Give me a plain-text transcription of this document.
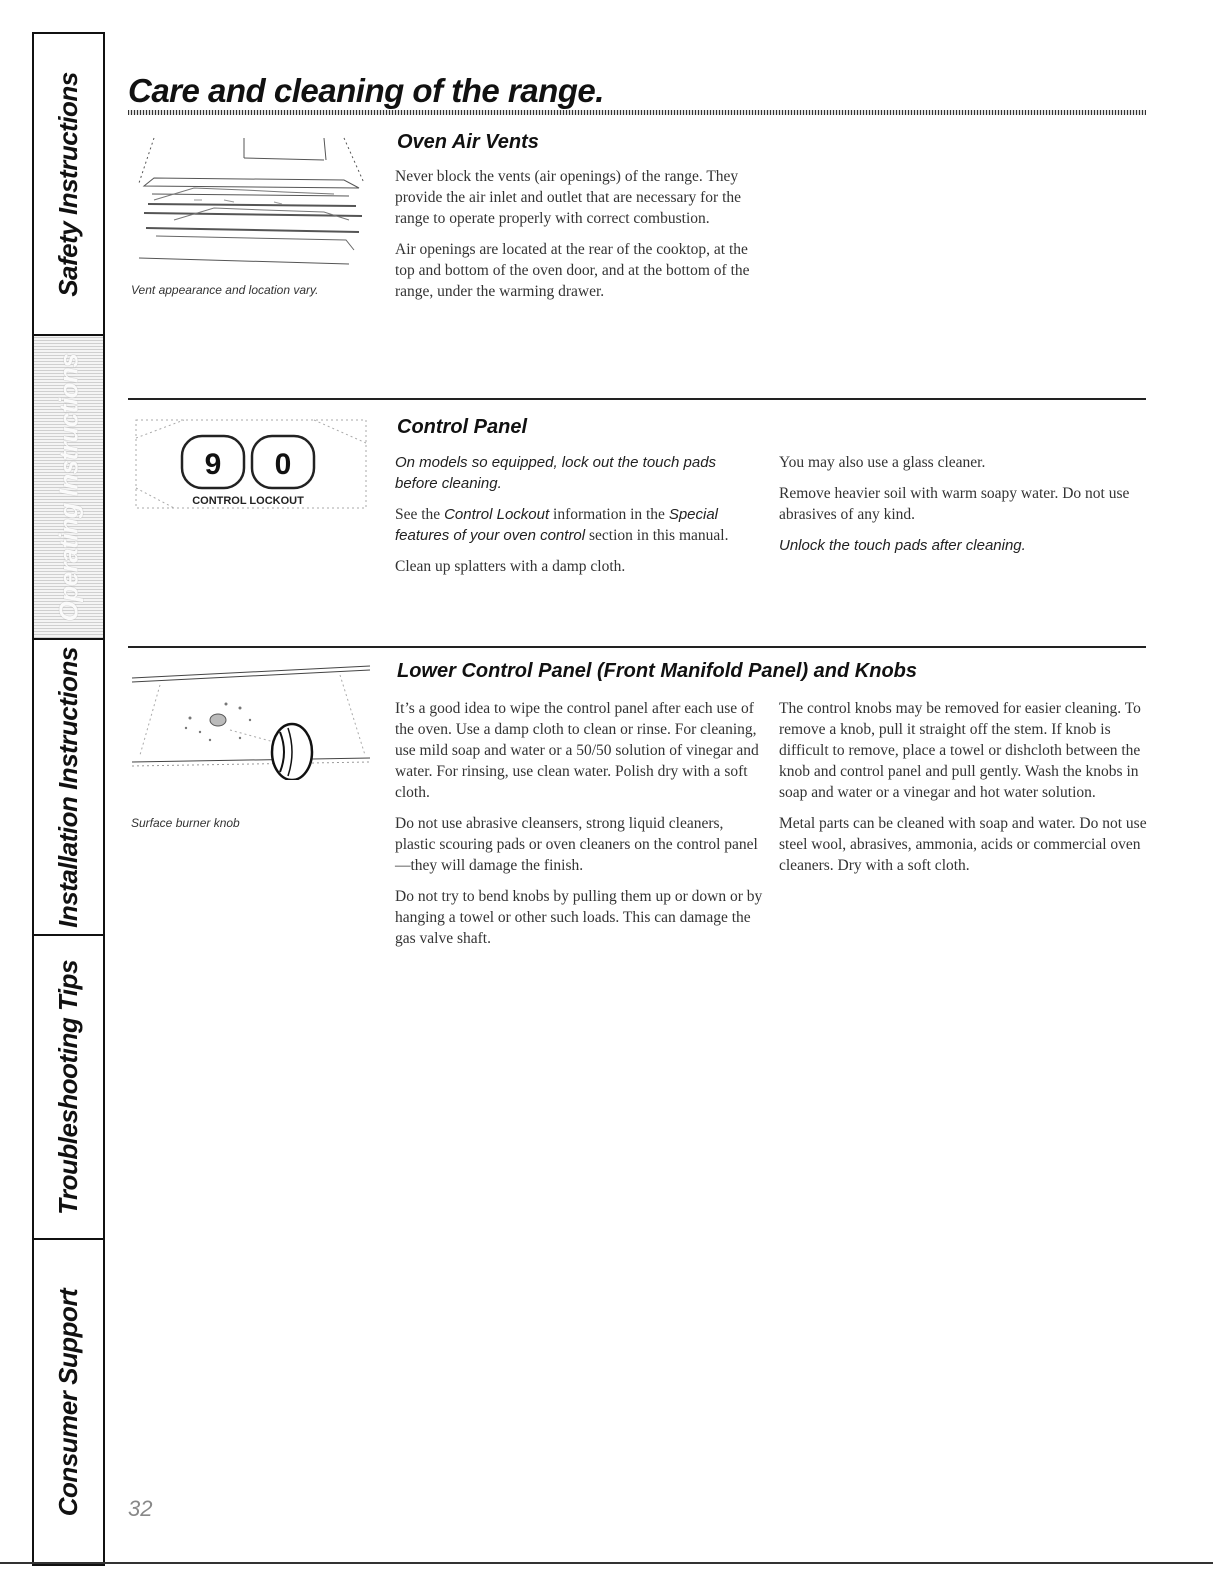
Safety Instructions
Operating Instructions
Installation Instructions
Troubleshooting Tips
Consumer Support
Care and cleaning of the range.
Vent appearance and location vary.
Oven Air Vents

Never block the vents (air openings) of the range. They provide the air inlet and outlet that are necessary for the range to operate properly with correct combustion.

Air openings are located at the rear of the cooktop, at the top and bottom of the oven door, and at the bottom of the range, under the warming drawer.

9 0
CONTROL LOCKOUT
Control Panel

On models so equipped, lock out the touch pads before cleaning.

See the Control Lockout information in the Special features of your oven control section in this manual.

Clean up splatters with a damp cloth.

You may also use a glass cleaner.

Remove heavier soil with warm soapy water. Do not use abrasives of any kind.

Unlock the touch pads after cleaning.

Surface burner knob
Lower Control Panel (Front Manifold Panel) and Knobs

It’s a good idea to wipe the control panel after each use of the oven. Use a damp cloth to clean or rinse. For cleaning, use mild soap and water or a 50/50 solution of vinegar and water. For rinsing, use clean water. Polish dry with a soft cloth.

Do not use abrasive cleansers, strong liquid cleaners, plastic scouring pads or oven cleaners on the control panel—they will damage the finish.

Do not try to bend knobs by pulling them up or down or by hanging a towel or other such loads. This can damage the gas valve shaft.

The control knobs may be removed for easier cleaning. To remove a knob, pull it straight off the stem. If knob is difficult to remove, place a towel or dishcloth between the knob and control panel and pull gently. Wash the knobs in soap and water or a vinegar and hot water solution.

Metal parts can be cleaned with soap and water. Do not use steel wool, abrasives, ammonia, acids or commercial oven cleaners. Dry with a soft cloth.

32
